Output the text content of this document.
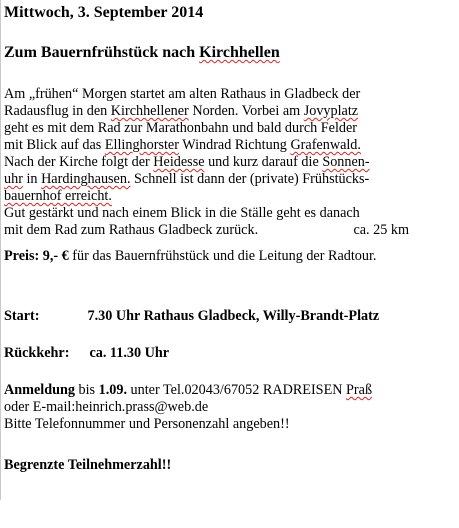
Mittwoch, 3. September 2014
Zum Bauernfrühstück nach Kirchhellen
Am „frühen“ Morgen startet am alten Rathaus in Gladbeck der
Radausflug in den Kirchhellener Norden. Vorbei am Jovyplatz
geht es mit dem Rad zur Marathonbahn und bald durch Felder
mit Blick auf das Ellinghorster Windrad Richtung Grafenwald.
Nach der Kirche folgt der Heidesse und kurz darauf die Sonnen-
uhr in Hardinghausen. Schnell ist dann der (private) Frühstücks-
bauernhof erreicht.
Gut gestärkt und nach einem Blick in die Ställe geht es danach
mit dem Rad zum Rathaus Gladbeck zurück.	ca. 25 km
Preis: 9,- € für das Bauernfrühstück und die Leitung der Radtour.
Start:	7.30 Uhr Rathaus Gladbeck, Willy-Brandt-Platz
Rückkehr: ca. 11.30 Uhr
Anmeldung bis 1.09. unter Tel.02043/67052 RADREISEN Praß
oder E-mail:heinrich.prass@web.de
Bitte Telefonnummer und Personenzahl angeben!!
Begrenzte Teilnehmerzahl!!
